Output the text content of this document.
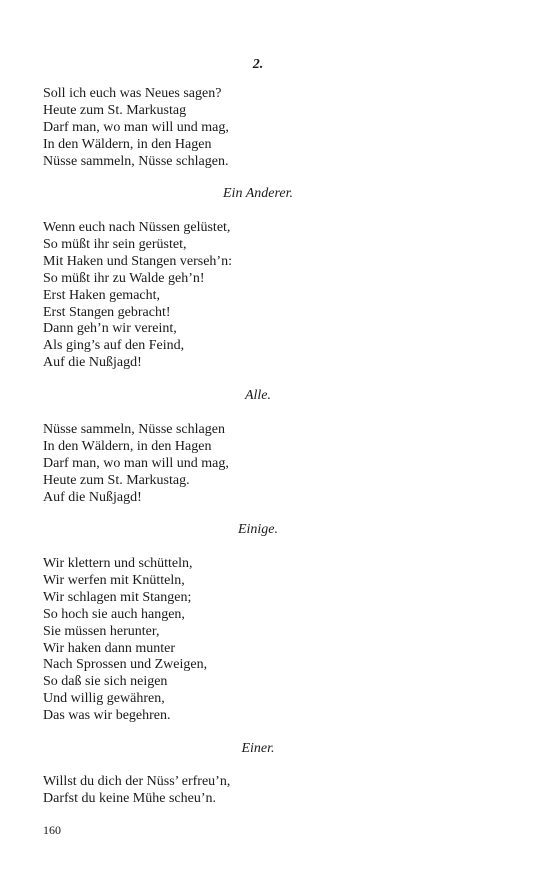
2.
Soll ich euch was Neues sagen?
Heute zum St. Markustag
Darf man, wo man will und mag,
In den Wäldern, in den Hagen
Nüsse sammeln, Nüsse schlagen.
Ein Anderer.
Wenn euch nach Nüssen gelüstet,
So müßt ihr sein gerüstet,
Mit Haken und Stangen verseh’n:
So müßt ihr zu Walde geh’n!
Erst Haken gemacht,
Erst Stangen gebracht!
Dann geh’n wir vereint,
Als ging’s auf den Feind,
Auf die Nußjagd!
Alle.
Nüsse sammeln, Nüsse schlagen
In den Wäldern, in den Hagen
Darf man, wo man will und mag,
Heute zum St. Markustag.
Auf die Nußjagd!
Einige.
Wir klettern und schütteln,
Wir werfen mit Knütteln,
Wir schlagen mit Stangen;
So hoch sie auch hangen,
Sie müssen herunter,
Wir haken dann munter
Nach Sprossen und Zweigen,
So daß sie sich neigen
Und willig gewähren,
Das was wir begehren.
Einer.
Willst du dich der Nüss’ erfreu’n,
Darfst du keine Mühe scheu’n.
160
